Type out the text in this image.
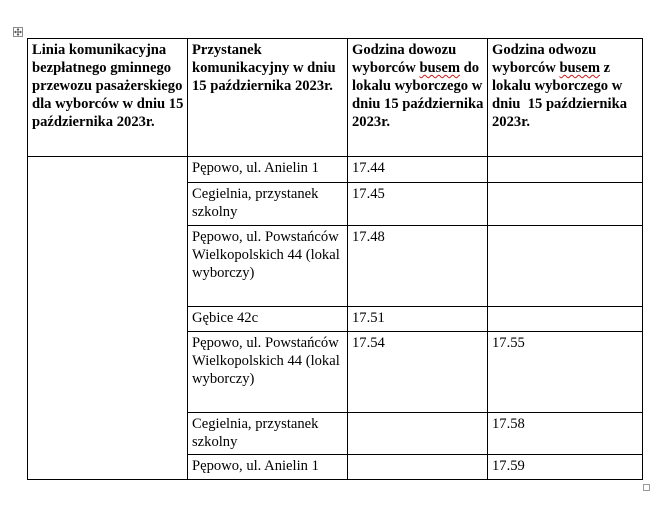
Linia komunikacyjna bezpłatnego gminnego przewozu pasażerskiego dla wyborców w dniu 15 października 2023r.	Przystanek komunikacyjny w dniu 15 października 2023r.	Godzina dowozu wyborców busem do lokalu wyborczego w dniu 15 października 2023r.	Godzina odwozu wyborców busem z lokalu wyborczego w dniu  15 października 2023r.
	Pępowo, ul. Anielin 1	17.44	
	Cegielnia, przystanek szkolny	17.45	
	Pępowo, ul. Powstańców Wielkopolskich 44 (lokal wyborczy)	17.48	
	Gębice 42c	17.51	
	Pępowo, ul. Powstańców Wielkopolskich 44 (lokal wyborczy)	17.54	17.55
	Cegielnia, przystanek szkolny		17.58
	Pępowo, ul. Anielin 1		17.59
